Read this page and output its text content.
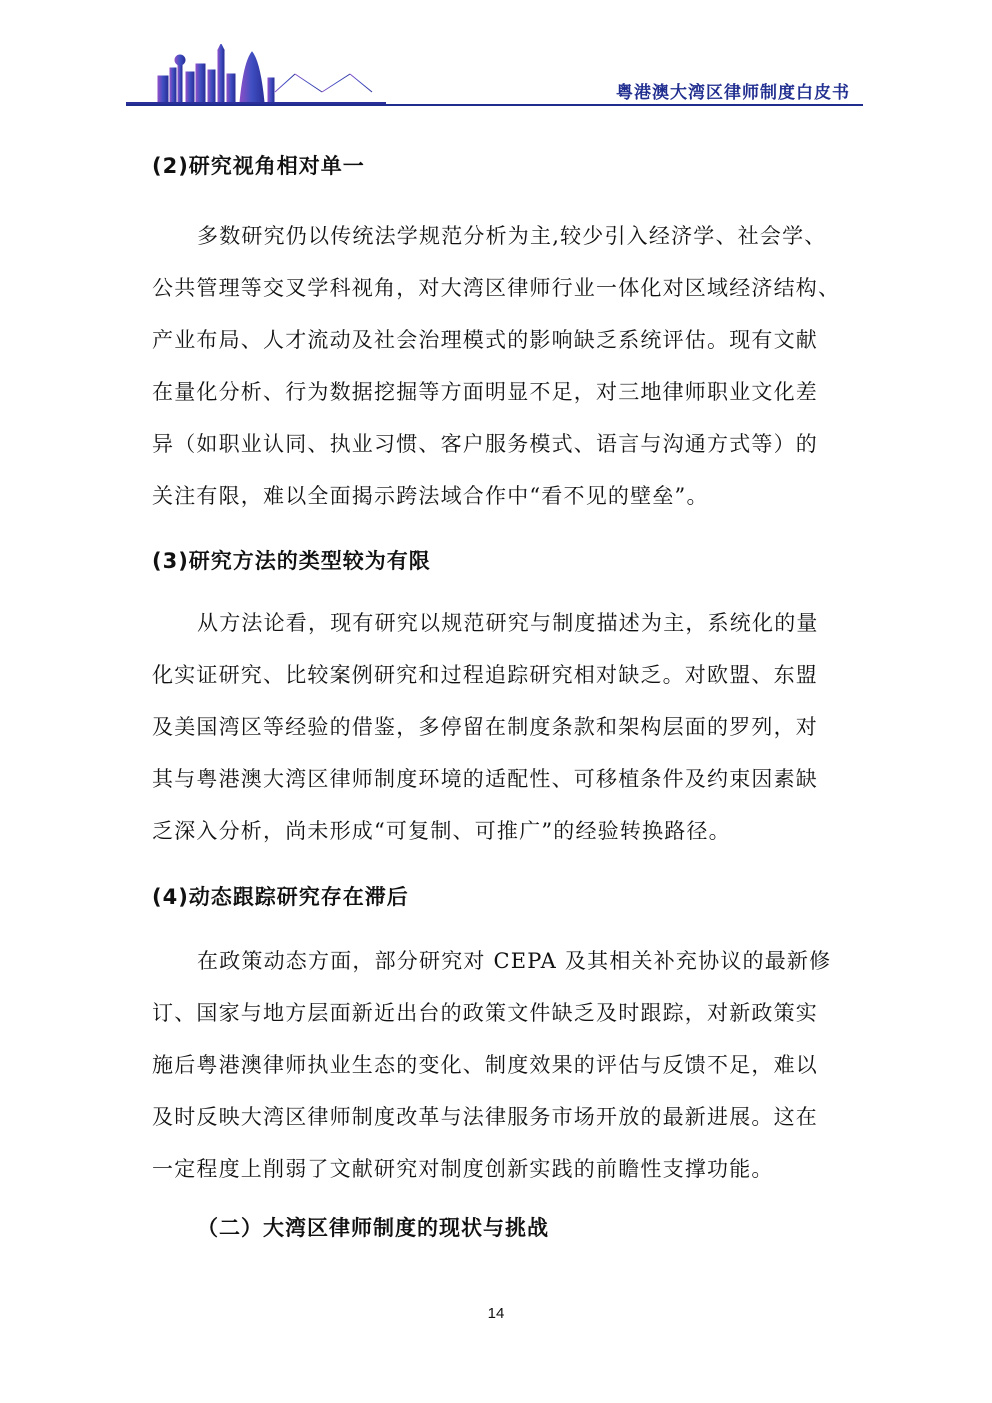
粤港澳大湾区律师制度白皮书
(2)研究视角相对单一
多数研究仍以传统法学规范分析为主,较少引入经济学、社会学、
公共管理等交叉学科视角，对大湾区律师行业一体化对区域经济结构、
产业布局、人才流动及社会治理模式的影响缺乏系统评估。现有文献
在量化分析、行为数据挖掘等方面明显不足，对三地律师职业文化差
异（如职业认同、执业习惯、客户服务模式、语言与沟通方式等）的
关注有限，难以全面揭示跨法域合作中“看不见的壁垒”。
(3)研究方法的类型较为有限
从方法论看，现有研究以规范研究与制度描述为主，系统化的量
化实证研究、比较案例研究和过程追踪研究相对缺乏。对欧盟、东盟
及美国湾区等经验的借鉴，多停留在制度条款和架构层面的罗列，对
其与粤港澳大湾区律师制度环境的适配性、可移植条件及约束因素缺
乏深入分析，尚未形成“可复制、可推广”的经验转换路径。
(4)动态跟踪研究存在滞后
在政策动态方面，部分研究对 CEPA 及其相关补充协议的最新修
订、国家与地方层面新近出台的政策文件缺乏及时跟踪，对新政策实
施后粤港澳律师执业生态的变化、制度效果的评估与反馈不足，难以
及时反映大湾区律师制度改革与法律服务市场开放的最新进展。这在
一定程度上削弱了文献研究对制度创新实践的前瞻性支撑功能。
（二）大湾区律师制度的现状与挑战
14
